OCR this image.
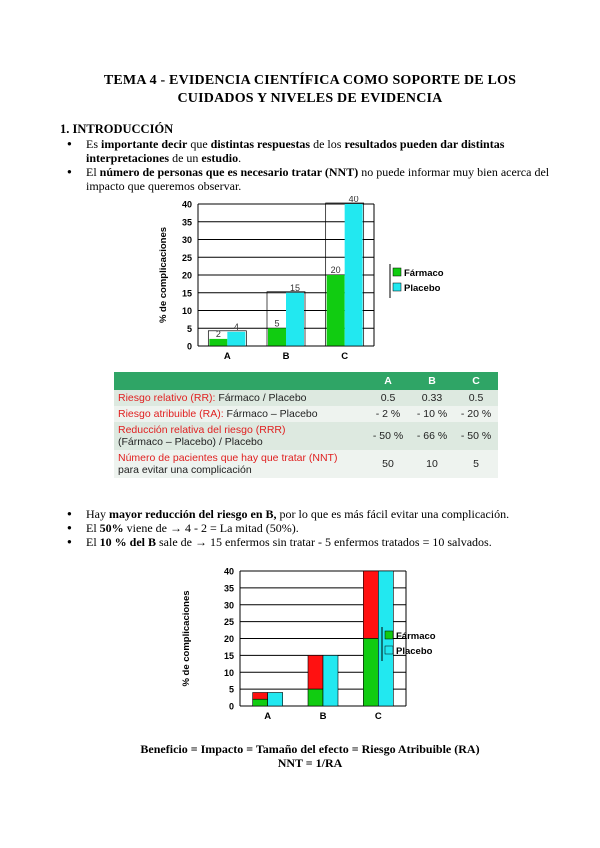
TEMA 4 - EVIDENCIA CIENTÍFICA COMO SOPORTE DE LOS
CUIDADOS Y NIVELES DE EVIDENCIA
1. INTRODUCCIÓN
● Es importante decir que distintas respuestas de los resultados pueden dar distintas interpretaciones de un estudio.
● El número de personas que es necesario tratar (NNT) no puede informar muy bien acerca del impacto que queremos observar.
0
5
10
15
20
25
30
35
40
% de complicaciones
2
4
A
5
15
B
20
40
C
Fármaco
Placebo
	A	B	C
Riesgo relativo (RR): Fármaco / Placebo	0.5	0.33	0.5
Riesgo atribuible (RA): Fármaco – Placebo	- 2 %	- 10 %	- 20 %
Reducción relativa del riesgo (RRR)
(Fármaco – Placebo) / Placebo	- 50 %	- 66 %	- 50 %
Número de pacientes que hay que tratar (NNT)
para evitar una complicación	50	10	5
● Hay mayor reducción del riesgo en B, por lo que es más fácil evitar una complicación.
● El 50% viene de → 4 - 2 = La mitad (50%).
● El 10 % del B sale de → 15 enfermos sin tratar - 5 enfermos tratados = 10 salvados.
0
5
10
15
20
25
30
35
40
% de complicaciones
A	B	C
Fármaco
Placebo
Beneficio = Impacto = Tamaño del efecto = Riesgo Atribuible (RA)
NNT = 1/RA
